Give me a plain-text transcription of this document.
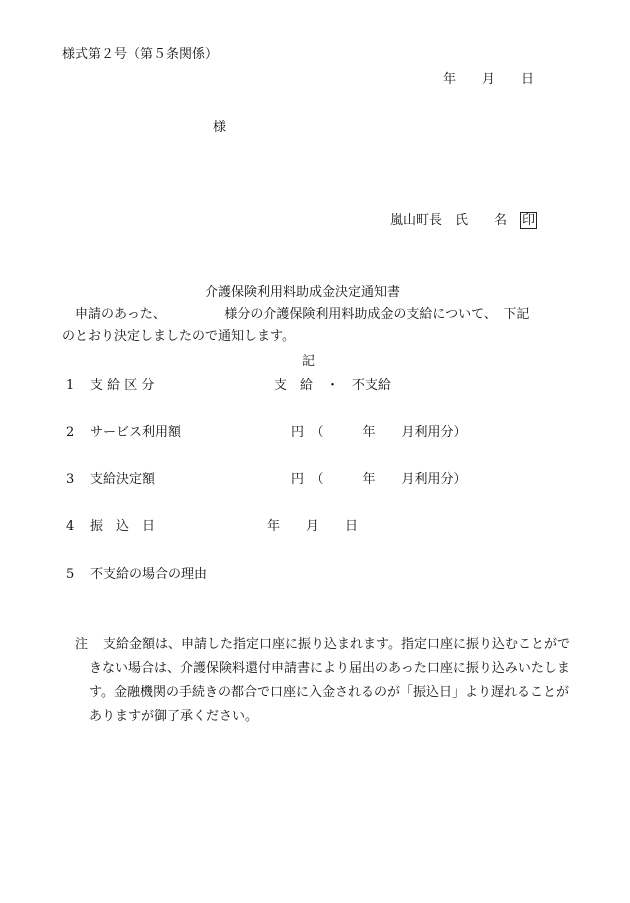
様式第２号（第５条関係）
年　　月　　日
様
嵐山町長　氏　　名　 印
介護保険利用料助成金決定通知書
申請のあった、　　　　　様分の介護保険利用料助成金の支給について、　下記
のとおり決定しましたので通知します。
記
1 支 給 区 分	支　給　・　不支給
2 サービス利用額	円　（　　　年　　月利用分）
3 支給決定額	円　（　　　年　　月利用分）
4 振　込　日	年　　月　　日
5 不支給の場合の理由
注 支給金額は、申請した指定口座に振り込まれます。指定口座に振り込むことがで
きない場合は、介護保険料還付申請書により届出のあった口座に振り込みいたしま
す。金融機関の手続きの都合で口座に入金されるのが「振込日」より遅れることが
ありますが御了承ください。
